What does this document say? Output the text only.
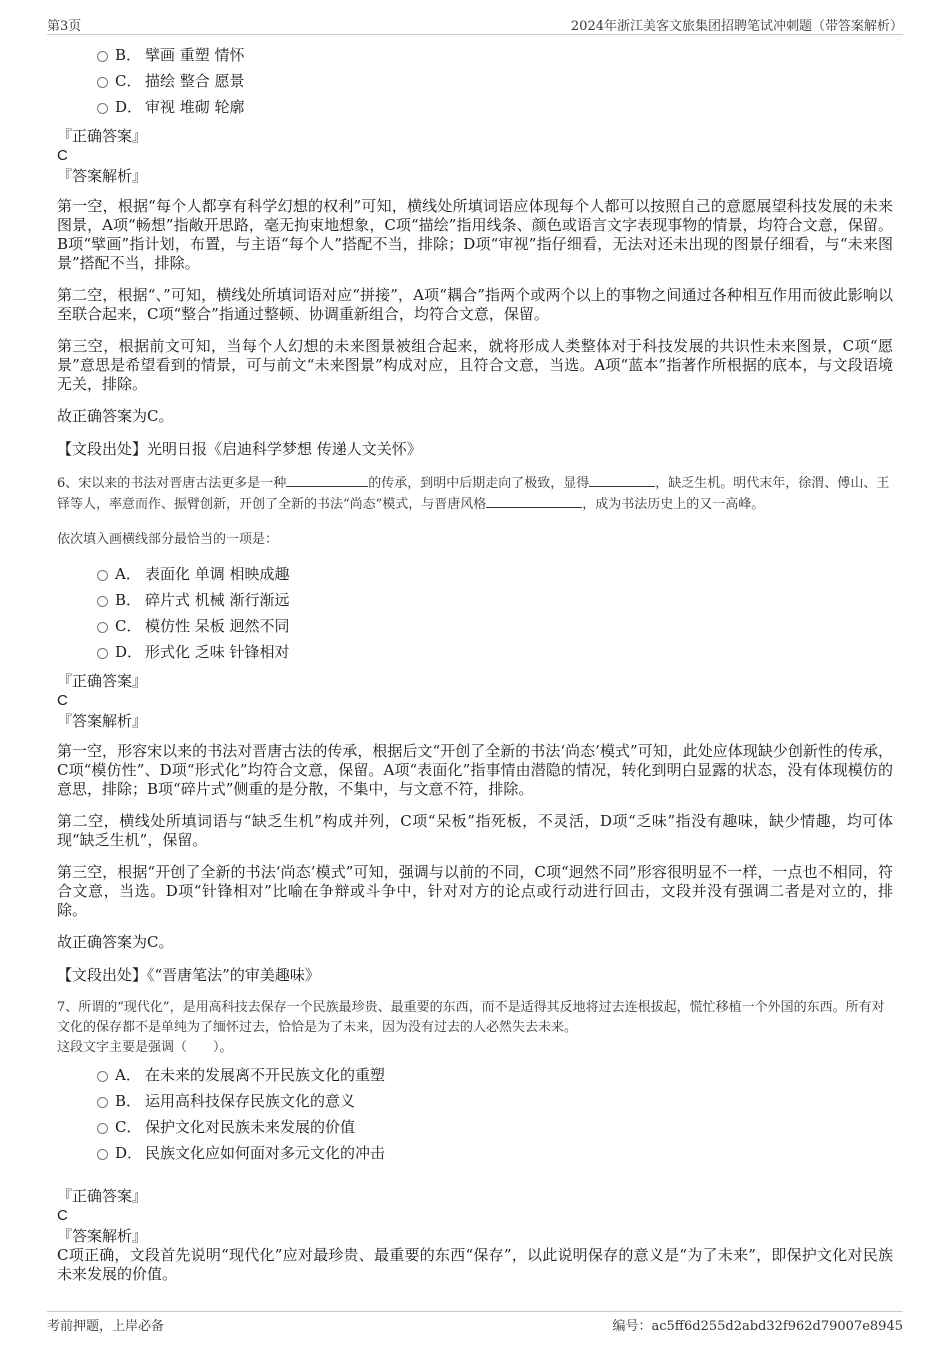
第3页	2024年浙江美客文旅集团招聘笔试冲刺题（带答案解析）
B． 擘画 重塑 情怀
C． 描绘 整合 愿景
D． 审视 堆砌 轮廓
『正确答案』
C
『答案解析』
第一空，根据“每个人都享有科学幻想的权利”可知，横线处所填词语应体现每个人都可以按照自己的意愿展望科技发展的未来图景，A项“畅想”指敞开思路，毫无拘束地想象，C项“描绘”指用线条、颜色或语言文字表现事物的情景，均符合文意，保留。B项“擘画”指计划，布置，与主语“每个人”搭配不当，排除；D项“审视”指仔细看，无法对还未出现的图景仔细看，与“未来图景”搭配不当，排除。
第二空，根据“、”可知，横线处所填词语对应“拼接”，A项“耦合”指两个或两个以上的事物之间通过各种相互作用而彼此影响以至联合起来，C项“整合”指通过整顿、协调重新组合，均符合文意，保留。
第三空，根据前文可知，当每个人幻想的未来图景被组合起来，就将形成人类整体对于科技发展的共识性未来图景，C项“愿景”意思是希望看到的情景，可与前文“未来图景”构成对应，且符合文意，当选。A项“蓝本”指著作所根据的底本，与文段语境无关，排除。
故正确答案为C。
【文段出处】光明日报《启迪科学梦想 传递人文关怀》
6、宋以来的书法对晋唐古法更多是一种	的传承，到明中后期走向了极致，显得	，缺乏生机。明代末年，徐渭、傅山、王铎等人，率意而作、振臂创新，开创了全新的书法“尚态”模式，与晋唐风格	，成为书法历史上的又一高峰。
依次填入画横线部分最恰当的一项是：
A． 表面化 单调 相映成趣
B． 碎片式 机械 渐行渐远
C． 模仿性 呆板 迥然不同
D． 形式化 乏味 针锋相对
『正确答案』
C
『答案解析』
第一空，形容宋以来的书法对晋唐古法的传承，根据后文“开创了全新的书法‘尚态’模式”可知，此处应体现缺少创新性的传承，C项“模仿性”、D项“形式化”均符合文意，保留。A项“表面化”指事情由潜隐的情况，转化到明白显露的状态，没有体现模仿的意思，排除；B项“碎片式”侧重的是分散，不集中，与文意不符，排除。
第二空，横线处所填词语与“缺乏生机”构成并列，C项“呆板”指死板，不灵活，D项“乏味”指没有趣味，缺少情趣，均可体现“缺乏生机”，保留。
第三空，根据“开创了全新的书法‘尚态’模式”可知，强调与以前的不同，C项“迥然不同”形容很明显不一样，一点也不相同，符合文意，当选。D项“针锋相对”比喻在争辩或斗争中，针对对方的论点或行动进行回击，文段并没有强调二者是对立的，排除。
故正确答案为C。
【文段出处】《“晋唐笔法”的审美趣味》
7、所谓的“现代化”，是用高科技去保存一个民族最珍贵、最重要的东西，而不是适得其反地将过去连根拔起，慌忙移植一个外国的东西。所有对文化的保存都不是单纯为了缅怀过去，恰恰是为了未来，因为没有过去的人必然失去未来。
这段文字主要是强调（　　）。
A． 在未来的发展离不开民族文化的重塑
B． 运用高科技保存民族文化的意义
C． 保护文化对民族未来发展的价值
D． 民族文化应如何面对多元文化的冲击
『正确答案』
C
『答案解析』
C项正确，文段首先说明“现代化”应对最珍贵、最重要的东西“保存”，以此说明保存的意义是“为了未来”，即保护文化对民族未来发展的价值。
考前押题，上岸必备	编号：ac5ff6d255d2abd32f962d79007e8945
